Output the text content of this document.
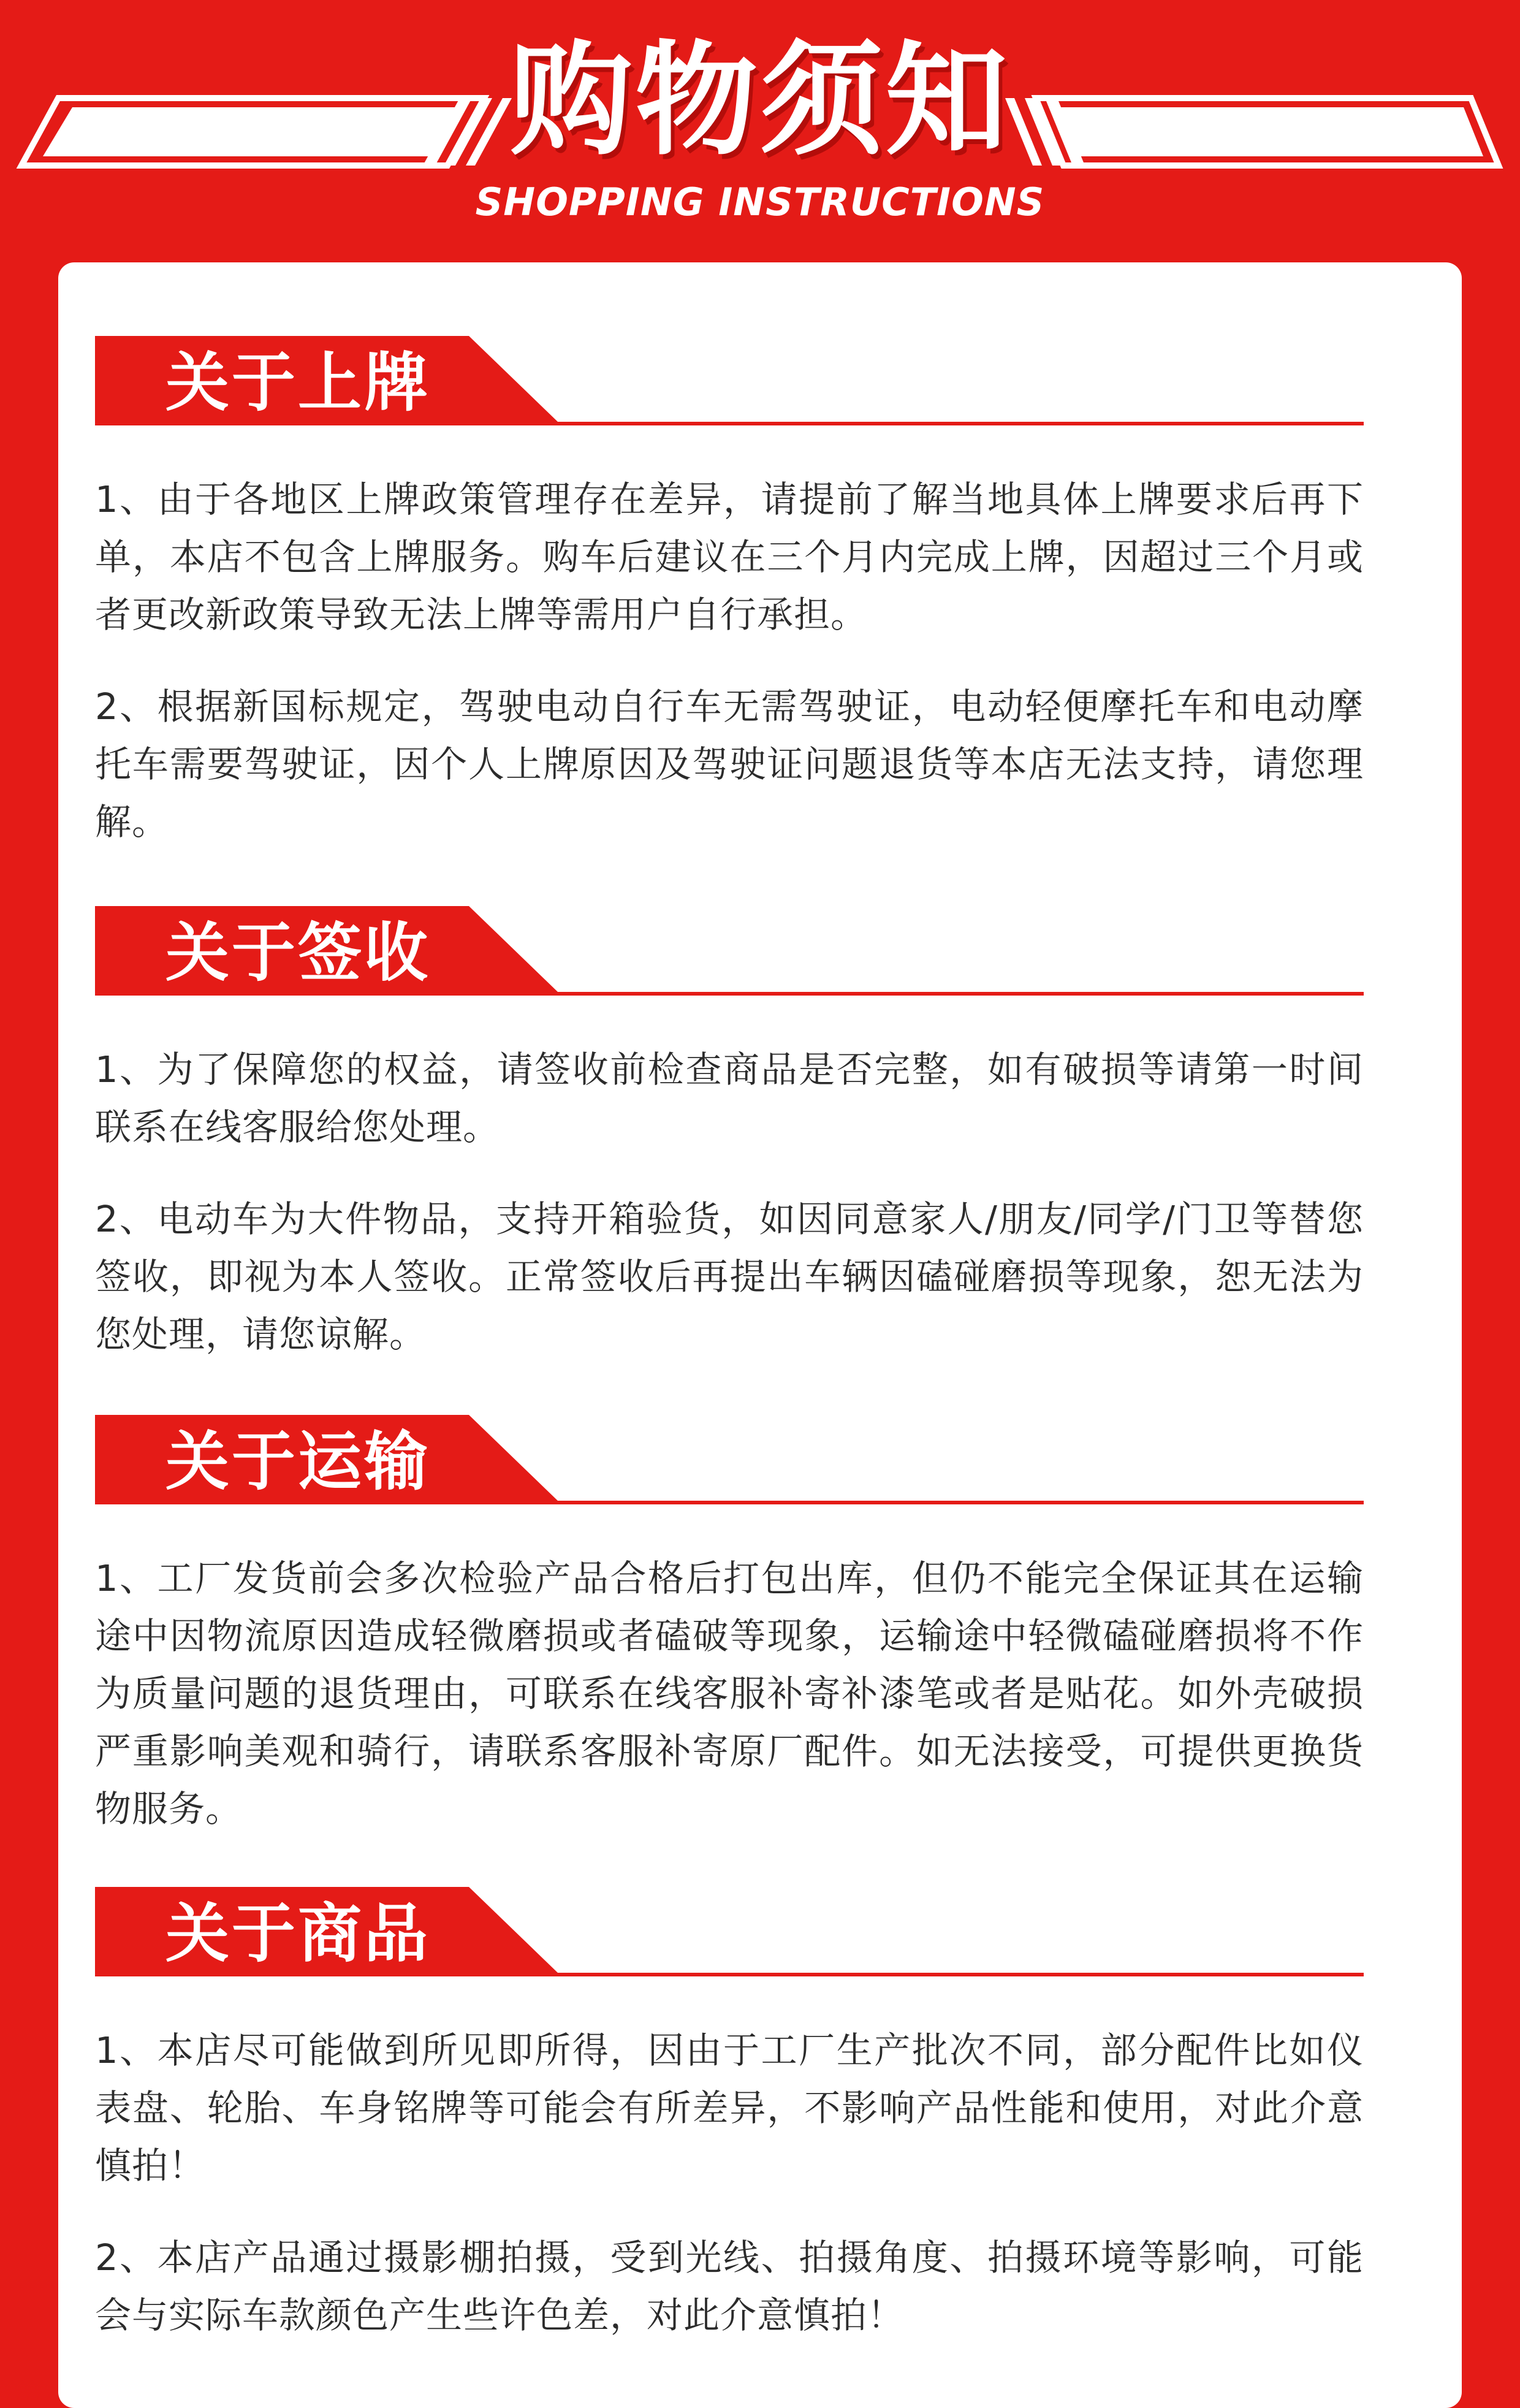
购物须知
SHOPPING INSTRUCTIONS
关于上牌

1、由于各地区上牌政策管理存在差异，请提前了解当地具体上牌要求后再下单，本店不包含上牌服务。购车后建议在三个月内完成上牌，因超过三个月或者更改新政策导致无法上牌等需用户自行承担。

2、根据新国标规定，驾驶电动自行车无需驾驶证，电动轻便摩托车和电动摩托车需要驾驶证，因个人上牌原因及驾驶证问题退货等本店无法支持，请您理解。

关于签收

1、为了保障您的权益，请签收前检查商品是否完整，如有破损等请第一时间联系在线客服给您处理。

2、电动车为大件物品，支持开箱验货，如因同意家人/朋友/同学/门卫等替您签收，即视为本人签收。正常签收后再提出车辆因磕碰磨损等现象，恕无法为您处理，请您谅解。

关于运输

1、工厂发货前会多次检验产品合格后打包出库，但仍不能完全保证其在运输途中因物流原因造成轻微磨损或者磕破等现象，运输途中轻微磕碰磨损将不作为质量问题的退货理由，可联系在线客服补寄补漆笔或者是贴花。如外壳破损严重影响美观和骑行，请联系客服补寄原厂配件。如无法接受，可提供更换货物服务。

关于商品

1、本店尽可能做到所见即所得，因由于工厂生产批次不同，部分配件比如仪表盘、轮胎、车身铭牌等可能会有所差异，不影响产品性能和使用，对此介意慎拍！

2、本店产品通过摄影棚拍摄，受到光线、拍摄角度、拍摄环境等影响，可能会与实际车款颜色产生些许色差，对此介意慎拍！
